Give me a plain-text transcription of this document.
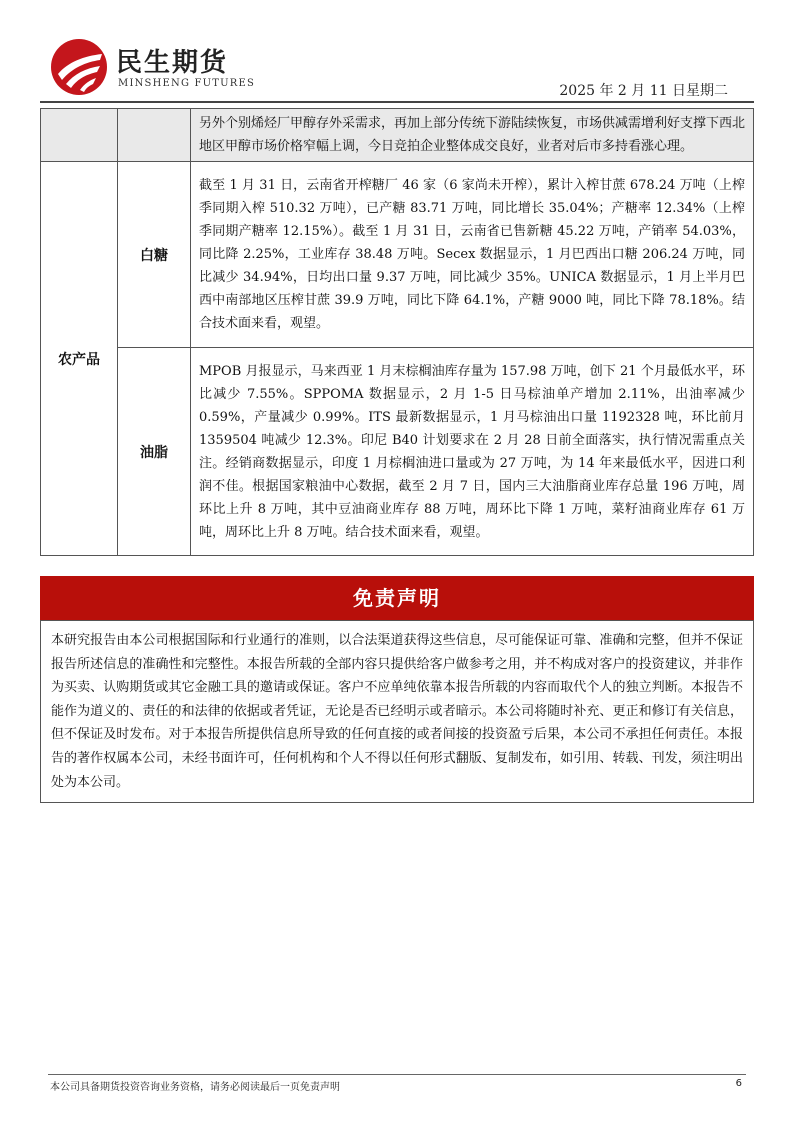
民生期货
MINSHENG FUTURES	2025 年 2 月 11 日星期二
		另外个别烯烃厂甲醇存外采需求，再加上部分传统下游陆续恢复，市场供减需增利好支撑下西北地区甲醇市场价格窄幅上调，今日竞拍企业整体成交良好，业者对后市多持看涨心理。
农产品	白糖	截至 1 月 31 日，云南省开榨糖厂 46 家（6 家尚未开榨），累计入榨甘蔗 678.24 万吨（上榨季同期入榨 510.32 万吨），已产糖 83.71 万吨，同比增长 35.04%；产糖率 12.34%（上榨季同期产糖率 12.15%）。截至 1 月 31 日，云南省已售新糖 45.22 万吨，产销率 54.03%，同比降 2.25%，工业库存 38.48 万吨。Secex 数据显示，1 月巴西出口糖 206.24 万吨，同比减少 34.94%，日均出口量 9.37 万吨，同比减少 35%。UNICA 数据显示，1 月上半月巴西中南部地区压榨甘蔗 39.9 万吨，同比下降 64.1%，产糖 9000 吨，同比下降 78.18%。结合技术面来看，观望。
	油脂	MPOB 月报显示，马来西亚 1 月末棕榈油库存量为 157.98 万吨，创下 21 个月最低水平，环比减少 7.55%。SPPOMA 数据显示，2 月 1-5 日马棕油单产增加 2.11%，出油率减少 0.59%，产量减少 0.99%。ITS 最新数据显示，1 月马棕油出口量 1192328 吨，环比前月 1359504 吨减少 12.3%。印尼 B40 计划要求在 2 月 28 日前全面落实，执行情况需重点关注。经销商数据显示，印度 1 月棕榈油进口量或为 27 万吨，为 14 年来最低水平，因进口利润不佳。根据国家粮油中心数据，截至 2 月 7 日，国内三大油脂商业库存总量 196 万吨，周环比上升 8 万吨，其中豆油商业库存 88 万吨，周环比下降 1 万吨，菜籽油商业库存 61 万吨，周环比上升 8 万吨。结合技术面来看，观望。
免责声明
本研究报告由本公司根据国际和行业通行的准则，以合法渠道获得这些信息，尽可能保证可靠、准确和完整，但并不保证报告所述信息的准确性和完整性。本报告所载的全部内容只提供给客户做参考之用，并不构成对客户的投资建议，并非作为买卖、认购期货或其它金融工具的邀请或保证。客户不应单纯依靠本报告所载的内容而取代个人的独立判断。本报告不能作为道义的、责任的和法律的依据或者凭证，无论是否已经明示或者暗示。本公司将随时补充、更正和修订有关信息，但不保证及时发布。对于本报告所提供信息所导致的任何直接的或者间接的投资盈亏后果，本公司不承担任何责任。本报告的著作权属本公司，未经书面许可，任何机构和个人不得以任何形式翻版、复制发布，如引用、转载、刊发，须注明出处为本公司。
本公司具备期货投资咨询业务资格，请务必阅读最后一页免责声明	6
